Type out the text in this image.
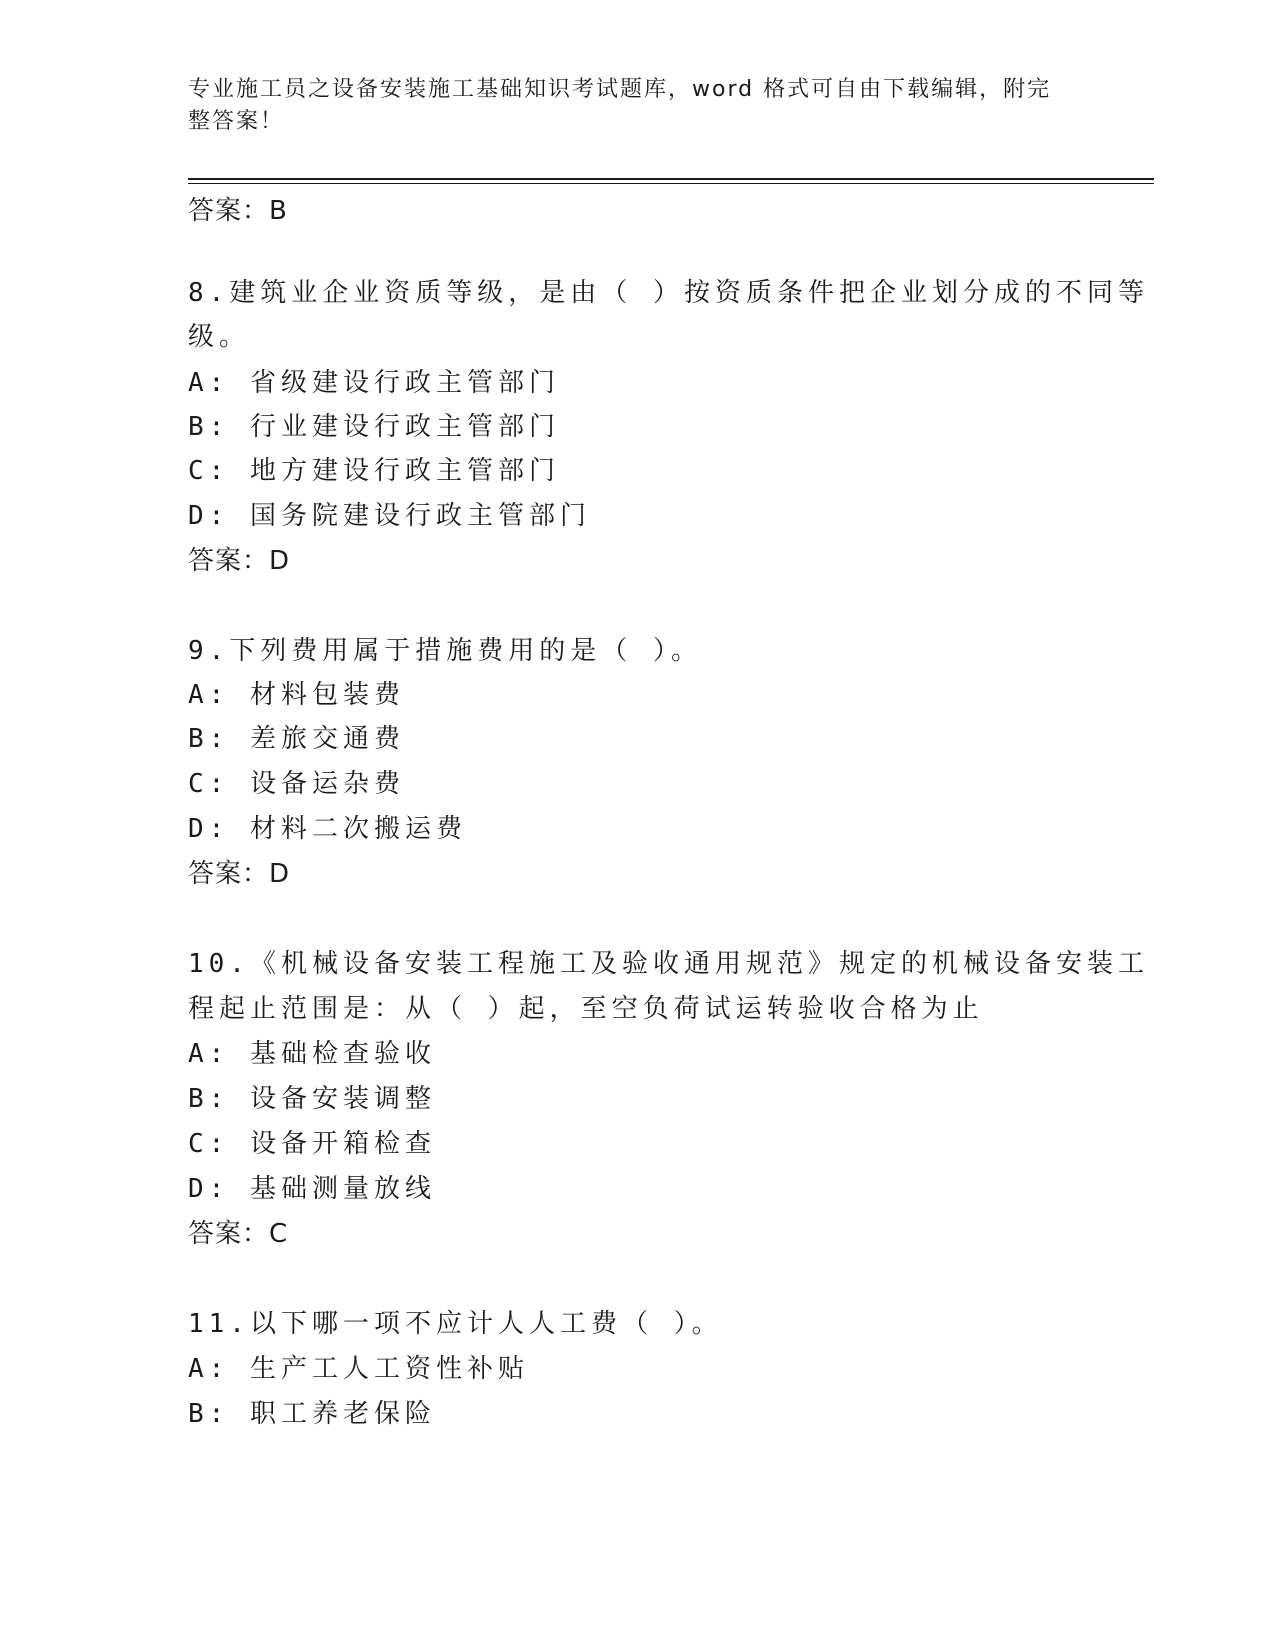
专业施工员之设备安装施工基础知识考试题库，word 格式可自由下载编辑，附完
整答案！
答案：B
8.建筑业企业资质等级，是由（ ）按资质条件把企业划分成的不同等
级。
A: 省级建设行政主管部门
B: 行业建设行政主管部门
C: 地方建设行政主管部门
D: 国务院建设行政主管部门
答案：D
9.下列费用属于措施费用的是（ ）。
A: 材料包装费
B: 差旅交通费
C: 设备运杂费
D: 材料二次搬运费
答案：D
10.《机械设备安装工程施工及验收通用规范》规定的机械设备安装工
程起止范围是：从（ ）起，至空负荷试运转验收合格为止
A: 基础检查验收
B: 设备安装调整
C: 设备开箱检查
D: 基础测量放线
答案：C
11.以下哪一项不应计人人工费（ ）。
A: 生产工人工资性补贴
B: 职工养老保险
